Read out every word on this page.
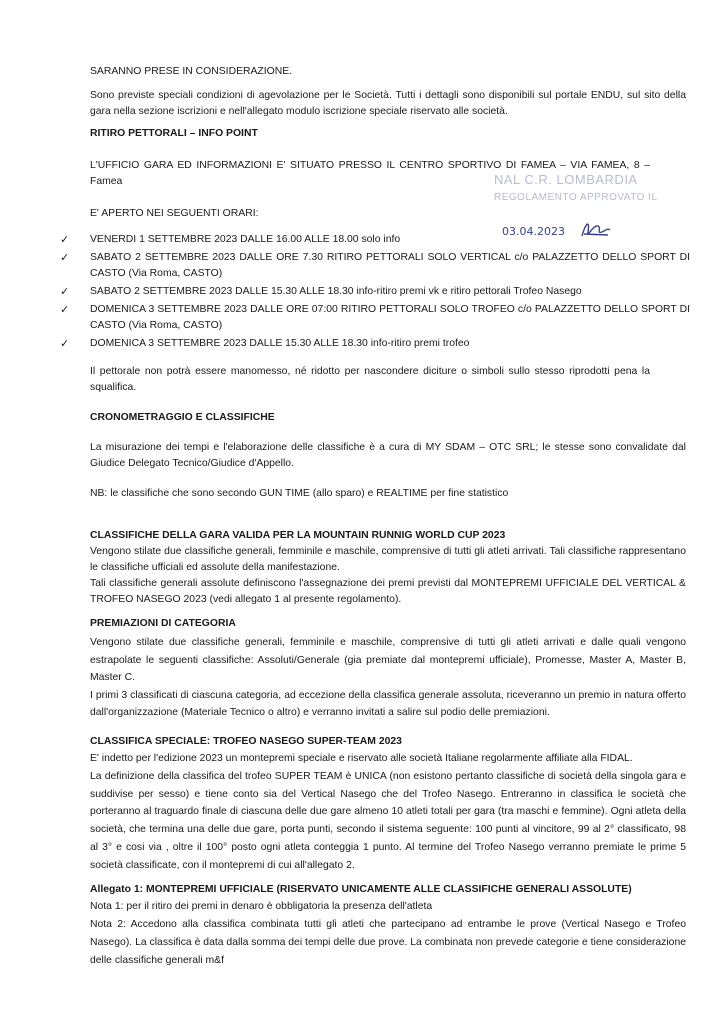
SARANNO PRESE IN CONSIDERAZIONE.

Sono previste speciali condizioni di agevolazione per le Società. Tutti i dettagli sono disponibili sul portale ENDU, sul sito della gara nella sezione iscrizioni e nell'allegato modulo iscrizione speciale riservato alle società.

RITIRO PETTORALI – INFO POINT

L'UFFICIO GARA ED INFORMAZIONI E' SITUATO PRESSO IL CENTRO SPORTIVO DI FAMEA – VIA FAMEA, 8 – Famea

E' APERTO NEI SEGUENTI ORARI:

NAL C.R. LOMBARDIA
REGOLAMENTO APPROVATO IL
03.04.2023
✓	VENERDI 1 SETTEMBRE 2023 DALLE 16.00 ALLE 18.00 solo info

✓	SABATO 2 SETTEMBRE 2023 DALLE ORE 7.30 RITIRO PETTORALI SOLO VERTICAL c/o PALAZZETTO DELLO SPORT DI CASTO (Via Roma, CASTO)

✓	SABATO 2 SETTEMBRE 2023 DALLE 15.30 ALLE 18.30 info-ritiro premi vk e ritiro pettorali Trofeo Nasego

✓	DOMENICA 3 SETTEMBRE 2023 DALLE ORE 07:00 RITIRO PETTORALI SOLO TROFEO c/o PALAZZETTO DELLO SPORT DI CASTO (Via Roma, CASTO)

✓	DOMENICA 3 SETTEMBRE 2023 DALLE 15.30 ALLE 18.30 info-ritiro premi trofeo

Il pettorale non potrà essere manomesso, né ridotto per nascondere diciture o simboli sullo stesso riprodotti pena la squalifica.

CRONOMETRAGGIO E CLASSIFICHE

La misurazione dei tempi e l'elaborazione delle classifiche è a cura di MY SDAM – OTC SRL; le stesse sono convalidate dal Giudice Delegato Tecnico/Giudice d'Appello.

NB: le classifiche che sono secondo GUN TIME (allo sparo) e REALTIME per fine statistico

CLASSIFICHE DELLA GARA VALIDA PER LA MOUNTAIN RUNNIG WORLD CUP 2023

Vengono stilate due classifiche generali, femminile e maschile, comprensive di tutti gli atleti arrivati. Tali classifiche rappresentano le classifiche ufficiali ed assolute della manifestazione.

Tali classifiche generali assolute definiscono l'assegnazione dei premi previsti dal MONTEPREMI UFFICIALE DEL VERTICAL & TROFEO NASEGO 2023 (vedi allegato 1 al presente regolamento).

PREMIAZIONI DI CATEGORIA

Vengono stilate due classifiche generali, femminile e maschile, comprensive di tutti gli atleti arrivati e dalle quali vengono estrapolate le seguenti classifiche: Assoluti/Generale (gia premiate dal montepremi ufficiale), Promesse, Master A, Master B, Master C.

I primi 3 classificati di ciascuna categoria, ad eccezione della classifica generale assoluta, riceveranno un premio in natura offerto dall'organizzazione (Materiale Tecnico o altro) e verranno invitati a salire sul podio delle premiazioni.

CLASSIFICA SPECIALE: TROFEO NASEGO SUPER-TEAM 2023

E' indetto per l'edizione 2023 un montepremi speciale e riservato alle società Italiane regolarmente affiliate alla FIDAL.

La definizione della classifica del trofeo SUPER TEAM è UNICA (non esistono pertanto classifiche di società della singola gara e suddivise per sesso) e tiene conto sia del Vertical Nasego che del Trofeo Nasego. Entreranno in classifica le società che porteranno al traguardo finale di ciascuna delle due gare almeno 10 atleti totali per gara (tra maschi e femmine). Ogni atleta della società, che termina una delle due gare, porta punti, secondo il sistema seguente: 100 punti al vincitore, 99 al 2° classificato, 98 al 3° e cosi via , oltre il 100° posto ogni atleta conteggia 1 punto. Al termine del Trofeo Nasego verranno premiate le prime 5 società classificate, con il montepremi di cui all'allegato 2.

Allegato 1: MONTEPREMI UFFICIALE (RISERVATO UNICAMENTE ALLE CLASSIFICHE GENERALI ASSOLUTE)

Nota 1: per il ritiro dei premi in denaro è obbligatoria la presenza dell'atleta

Nota 2: Accedono alla classifica combinata tutti gli atleti che partecipano ad entrambe le prove (Vertical Nasego e Trofeo Nasego). La classifica è data dalla somma dei tempi delle due prove. La combinata non prevede categorie e tiene considerazione delle classifiche generali m&f
